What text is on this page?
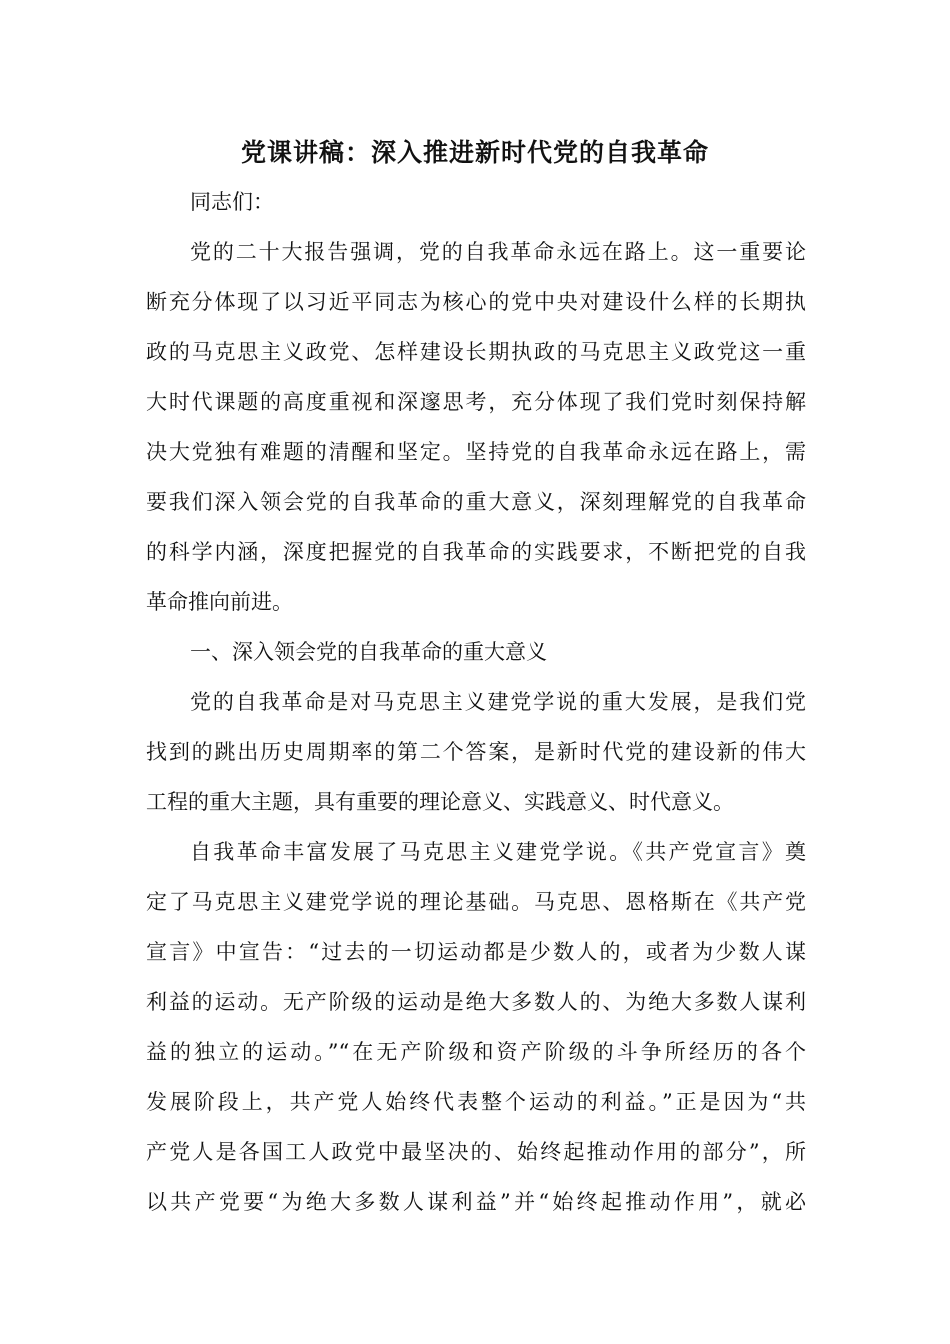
党课讲稿：深入推进新时代党的自我革命
同志们：
党的二十大报告强调，党的自我革命永远在路上。这一重要论
断充分体现了以习近平同志为核心的党中央对建设什么样的长期执
政的马克思主义政党、怎样建设长期执政的马克思主义政党这一重
大时代课题的高度重视和深邃思考，充分体现了我们党时刻保持解
决大党独有难题的清醒和坚定。坚持党的自我革命永远在路上，需
要我们深入领会党的自我革命的重大意义，深刻理解党的自我革命
的科学内涵，深度把握党的自我革命的实践要求，不断把党的自我
革命推向前进。
一、深入领会党的自我革命的重大意义
党的自我革命是对马克思主义建党学说的重大发展，是我们党
找到的跳出历史周期率的第二个答案，是新时代党的建设新的伟大
工程的重大主题，具有重要的理论意义、实践意义、时代意义。
自我革命丰富发展了马克思主义建党学说。《共产党宣言》奠
定了马克思主义建党学说的理论基础。马克思、恩格斯在《共产党
宣言》中宣告：“过去的一切运动都是少数人的，或者为少数人谋
利益的运动。无产阶级的运动是绝大多数人的、为绝大多数人谋利
益的独立的运动。”“在无产阶级和资产阶级的斗争所经历的各个
发展阶段上，共产党人始终代表整个运动的利益。”正是因为“共
产党人是各国工人政党中最坚决的、始终起推动作用的部分”，所
以共产党要“为绝大多数人谋利益”并“始终起推动作用”，就必
